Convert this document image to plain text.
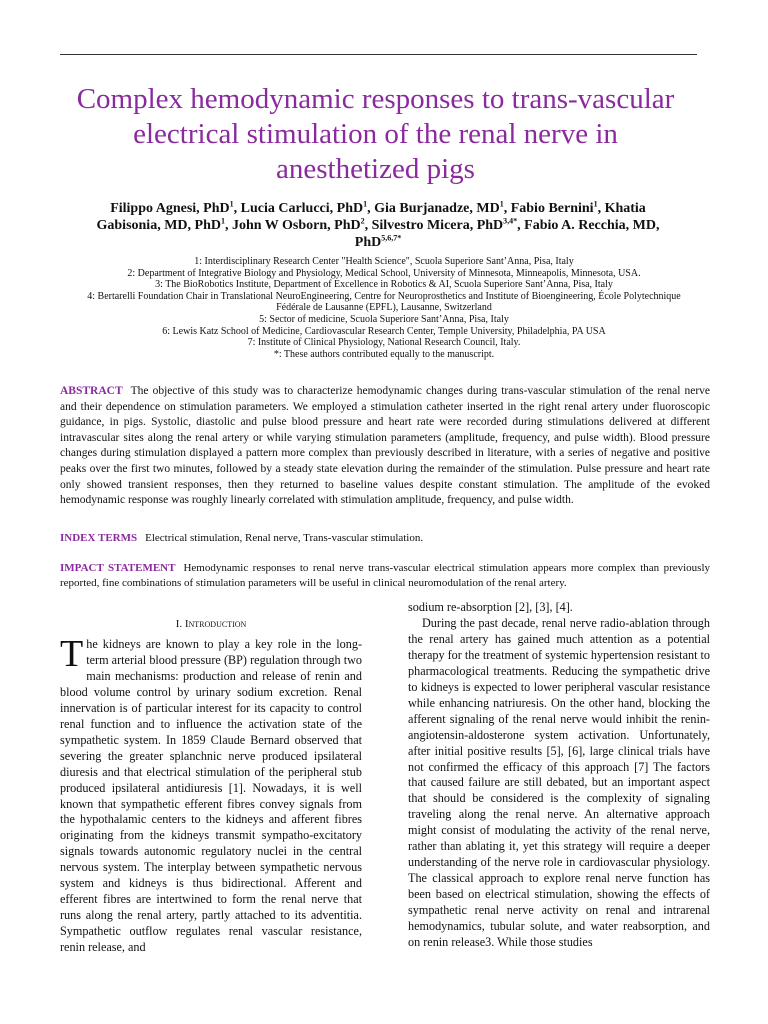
Complex hemodynamic responses to trans-vascular electrical stimulation of the renal nerve in anesthetized pigs
Filippo Agnesi, PhD$^1$, Lucia Carlucci, PhD$^1$, Gia Burjanadze, $MD^1$, Fabio Bernini$^1$, Khatia Gabisonia, MD, PhD$^1$, John W Osborn, PhD$^2$, Silvestro Micera, PhD$^{3,4*}$, Fabio A. Recchia, MD, PhD$^{5,6,7*}$
1: Interdisciplinary Research Center "Health Science", Scuola Superiore Sant’Anna, Pisa, Italy
2: Department of Integrative Biology and Physiology, Medical School, University of Minnesota, Minneapolis, Minnesota, USA.
3: The BioRobotics Institute, Department of Excellence in Robotics & AI, Scuola Superiore Sant’Anna, Pisa, Italy
4: Bertarelli Foundation Chair in Translational NeuroEngineering, Centre for Neuroprosthetics and Institute of Bioengineering, École Polytechnique Fédérale de Lausanne (EPFL), Lausanne, Switzerland
5: Sector of medicine, Scuola Superiore Sant’Anna, Pisa, Italy
6: Lewis Katz School of Medicine, Cardiovascular Research Center, Temple University, Philadelphia, PA USA
7: Institute of Clinical Physiology, National Research Council, Italy.
*: These authors contributed equally to the manuscript.
ABSTRACT The objective of this study was to characterize hemodynamic changes during trans-vascular stimulation of the renal nerve and their dependence on stimulation parameters. We employed a stimulation catheter inserted in the right renal artery under fluoroscopic guidance, in pigs. Systolic, diastolic and pulse blood pressure and heart rate were recorded during stimulations delivered at different intravascular sites along the renal artery or while varying stimulation parameters (amplitude, frequency, and pulse width). Blood pressure changes during stimulation displayed a pattern more complex than previously described in literature, with a series of negative and positive peaks over the first two minutes, followed by a steady state elevation during the remainder of the stimulation. Pulse pressure and heart rate only showed transient responses, then they returned to baseline values despite constant stimulation. The amplitude of the evoked hemodynamic response was roughly linearly correlated with stimulation amplitude, frequency, and pulse width.
INDEX TERMS Electrical stimulation, Renal nerve, Trans-vascular stimulation.
IMPACT STATEMENT Hemodynamic responses to renal nerve trans-vascular electrical stimulation appears more complex than previously reported, fine combinations of stimulation parameters will be useful in clinical neuromodulation of the renal artery.
I. Introduction

The kidneys are known to play a key role in the long-term arterial blood pressure (BP) regulation through two main mechanisms: production and release of renin and blood volume control by urinary sodium excretion. Renal innervation is of particular interest for its capacity to control renal function and to influence the activation state of the sympathetic system. In 1859 Claude Bernard observed that severing the greater splanchnic nerve produced ipsilateral diuresis and that electrical stimulation of the peripheral stub produced ipsilateral antidiuresis [1]. Nowadays, it is well known that sympathetic efferent fibres convey signals from the hypothalamic centers to the kidneys and afferent fibres originating from the kidneys transmit sympatho-excitatory signals towards autonomic regulatory nuclei in the central nervous system. The interplay between sympathetic nervous system and kidneys is thus bidirectional. Afferent and efferent fibres are intertwined to form the renal nerve that runs along the renal artery, partly attached to its adventitia. Sympathetic outflow regulates renal vascular resistance, renin release, and

sodium re-absorption [2], [3], [4].

During the past decade, renal nerve radio-ablation through the renal artery has gained much attention as a potential therapy for the treatment of systemic hypertension resistant to pharmacological treatments. Reducing the sympathetic drive to kidneys is expected to lower peripheral vascular resistance while enhancing natriuresis. On the other hand, blocking the afferent signaling of the renal nerve would inhibit the renin-angiotensin-aldosterone system activation. Unfortunately, after initial positive results [5], [6], large clinical trials have not confirmed the efficacy of this approach [7] The factors that caused failure are still debated, but an important aspect that should be considered is the complexity of signaling traveling along the renal nerve. An alternative approach might consist of modulating the activity of the renal nerve, rather than ablating it, yet this strategy will require a deeper understanding of the nerve role in cardiovascular physiology. The classical approach to explore renal nerve function has been based on electrical stimulation, showing the effects of sympathetic renal nerve activity on renal and intrarenal hemodynamics, tubular solute, and water reabsorption, and on renin release3. While those studies
